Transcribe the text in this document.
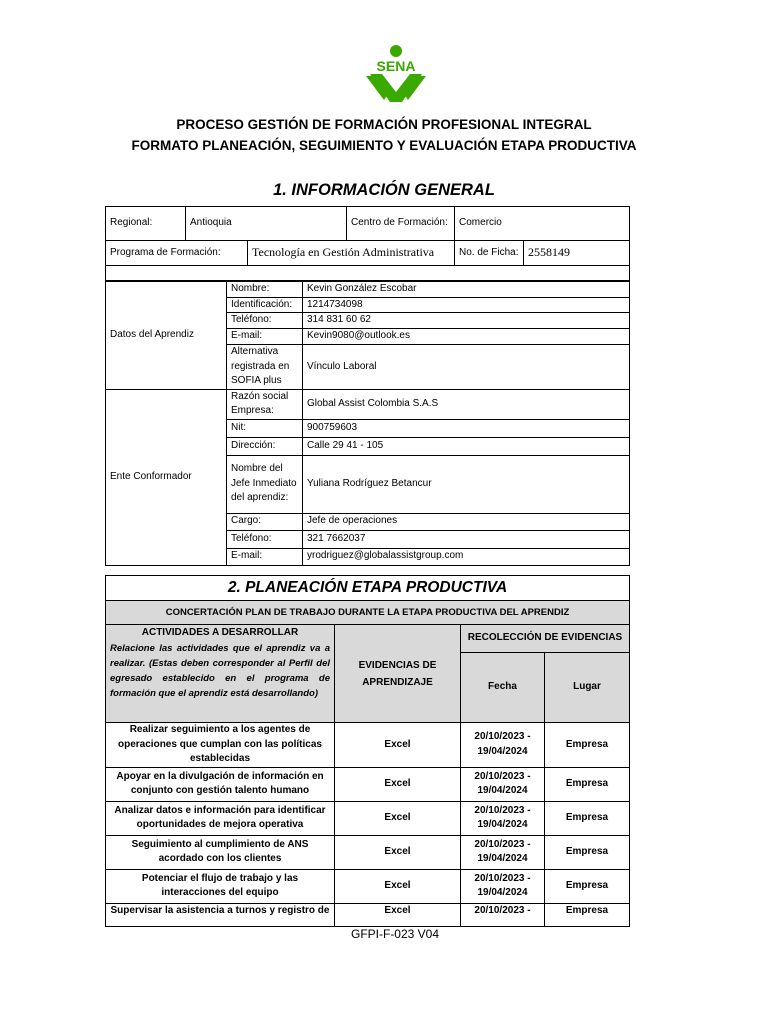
SENA
PROCESO GESTIÓN DE FORMACIÓN PROFESIONAL INTEGRAL
FORMATO PLANEACIÓN, SEGUIMIENTO Y EVALUACIÓN ETAPA PRODUCTIVA
1. INFORMACIÓN GENERAL
Regional:	Antioquia		Centro de Formación:	Comercio	
Programa de Formación:		Tecnología en Gestión Administrativa		No. de Ficha:	2558149

Datos del Aprendiz	Nombre:	Kevin González Escobar
	Identificación:	1214734098
	Teléfono:	314 831 60 62
	E-mail:	Kevin9080@outlook.es
	Alternativa registrada en SOFIA plus	Vínculo Laboral
Ente Conformador	Razón social Empresa:	Global Assist Colombia S.A.S
	Nit:	900759603
	Dirección:	Calle 29 41 - 105
	Nombre del Jefe Inmediato del aprendiz:	Yuliana Rodríguez Betancur
	Cargo:	Jefe de operaciones
	Teléfono:	321 7662037
	E-mail:	yrodriguez@globalassistgroup.com
2. PLANEACIÓN ETAPA PRODUCTIVA			
CONCERTACIÓN PLAN DE TRABAJO DURANTE LA ETAPA PRODUCTIVA DEL APRENDIZ			

ACTIVIDADES A DESARROLLAR
Relacione las actividades que el aprendiz va a realizar. (Estas deben corresponder al Perfil del egresado establecido en el programa de formación que el aprendiz está desarrollando)	EVIDENCIAS DE APRENDIZAJE	RECOLECCIÓN DE EVIDENCIAS	
		Fecha	Lugar
Realizar seguimiento a los agentes de operaciones que cumplan con las políticas establecidas	Excel	20/10/2023 - 19/04/2024	Empresa
Apoyar en la divulgación de información en conjunto con gestión talento humano	Excel	20/10/2023 - 19/04/2024	Empresa
Analizar datos e información para identificar oportunidades de mejora operativa	Excel	20/10/2023 - 19/04/2024	Empresa
Seguimiento al cumplimiento de ANS acordado con los clientes	Excel	20/10/2023 - 19/04/2024	Empresa
Potenciar el flujo de trabajo y las interacciones del equipo	Excel	20/10/2023 - 19/04/2024	Empresa
Supervisar la asistencia a turnos y registro de	Excel	20/10/2023 -	Empresa
GFPI-F-023 V04
